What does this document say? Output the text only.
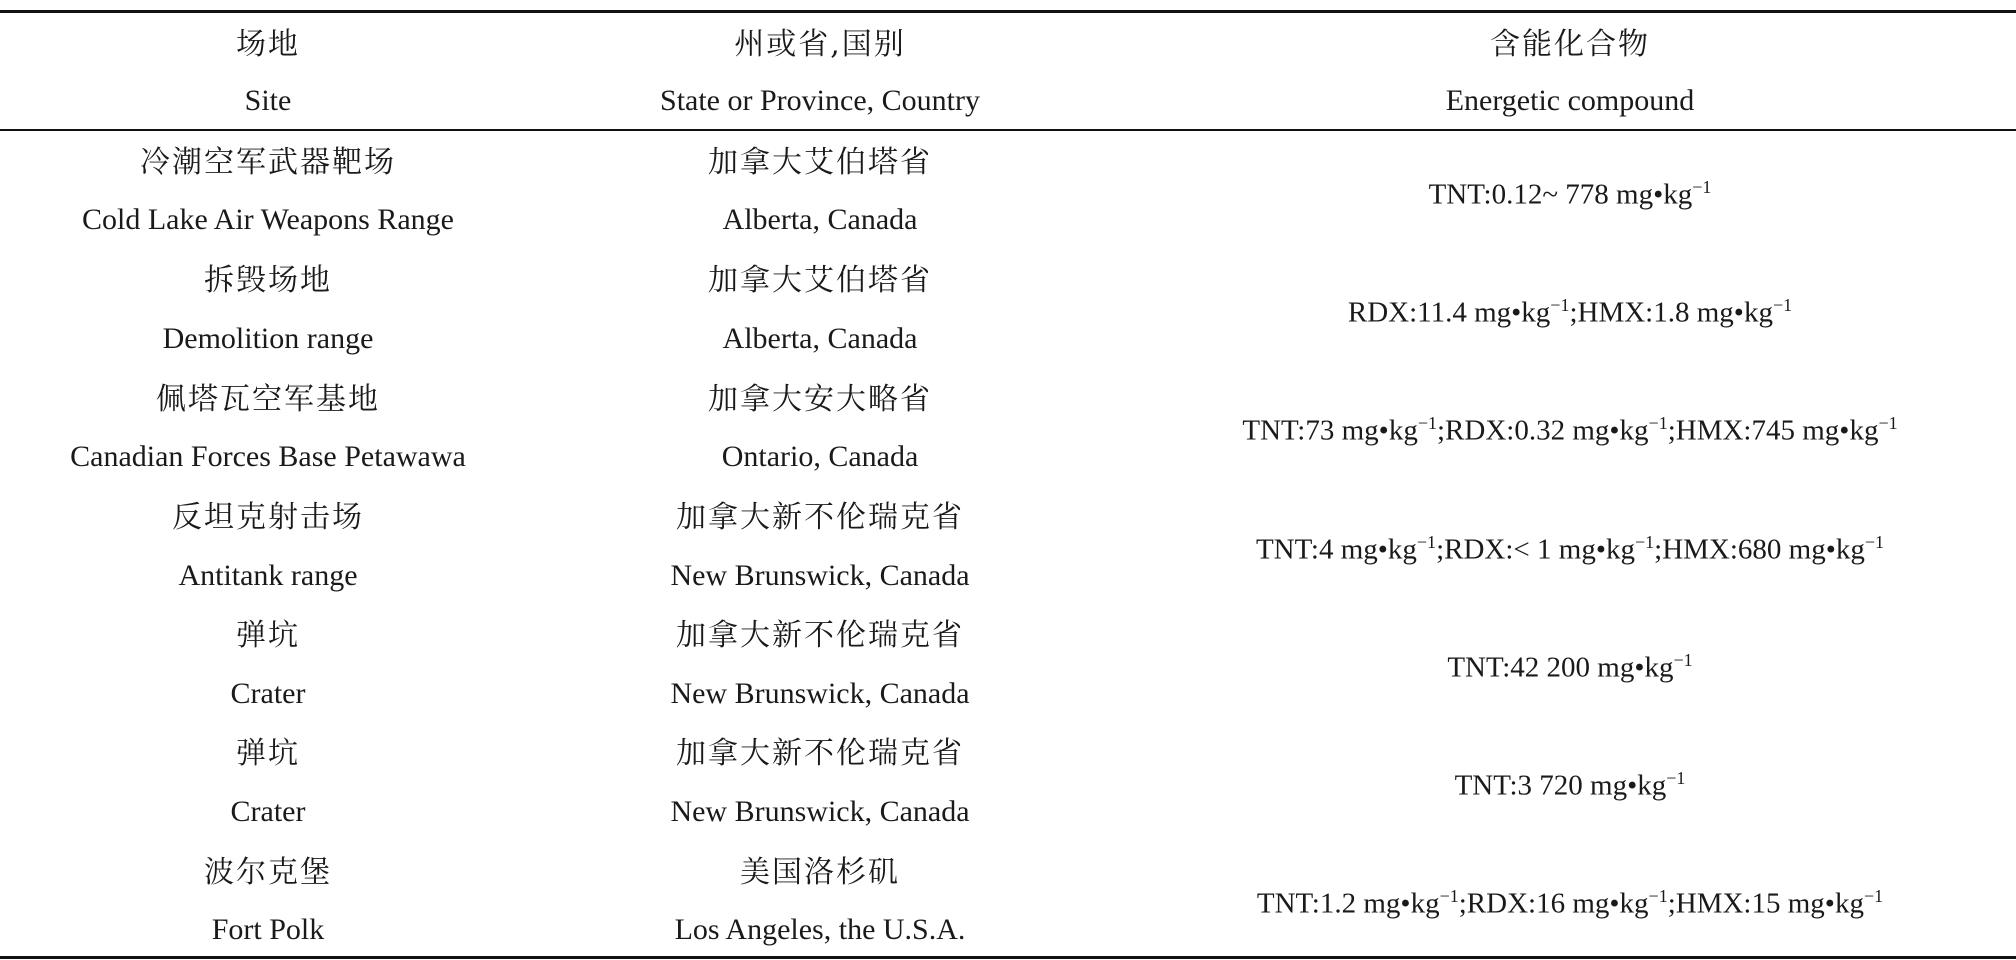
场地
Site
州或省,国别
State or Province, Country
含能化合物
Energetic compound
冷潮空军武器靶场
Cold Lake Air Weapons Range
加拿大艾伯塔省
Alberta, Canada
TNT:0.12~ 778 $mg•kg^{-1}$
拆毁场地
Demolition range
加拿大艾伯塔省
Alberta, Canada
RDX:11.4 $mg•kg^{-1};HMX:1.8$ $mg•kg^{-1}$
佩塔瓦空军基地
Canadian Forces Base Petawawa
加拿大安大略省
Ontario, Canada
TNT:73 $mg•kg^{-1};RDX:0.32$ $mg•kg^{-1};HMX:745$ $mg•kg^{-1}$
反坦克射击场
Antitank range
加拿大新不伦瑞克省
New Brunswick, Canada
TNT:4 $mg•kg^{-1};RDX:< 1$ $mg•kg^{-1};HMX:680$ $mg•kg^{-1}$
弹坑
Crater
加拿大新不伦瑞克省
New Brunswick, Canada
TNT:42 200 $mg•kg^{-1}$
弹坑
Crater
加拿大新不伦瑞克省
New Brunswick, Canada
TNT:3 720 $mg•kg^{-1}$
波尔克堡
Fort Polk
美国洛杉矶
Los Angeles, the U.S.A.
TNT:1.2 $mg•kg^{-1};RDX:16$ $mg•kg^{-1};HMX:15$ $mg•kg^{-1}$
